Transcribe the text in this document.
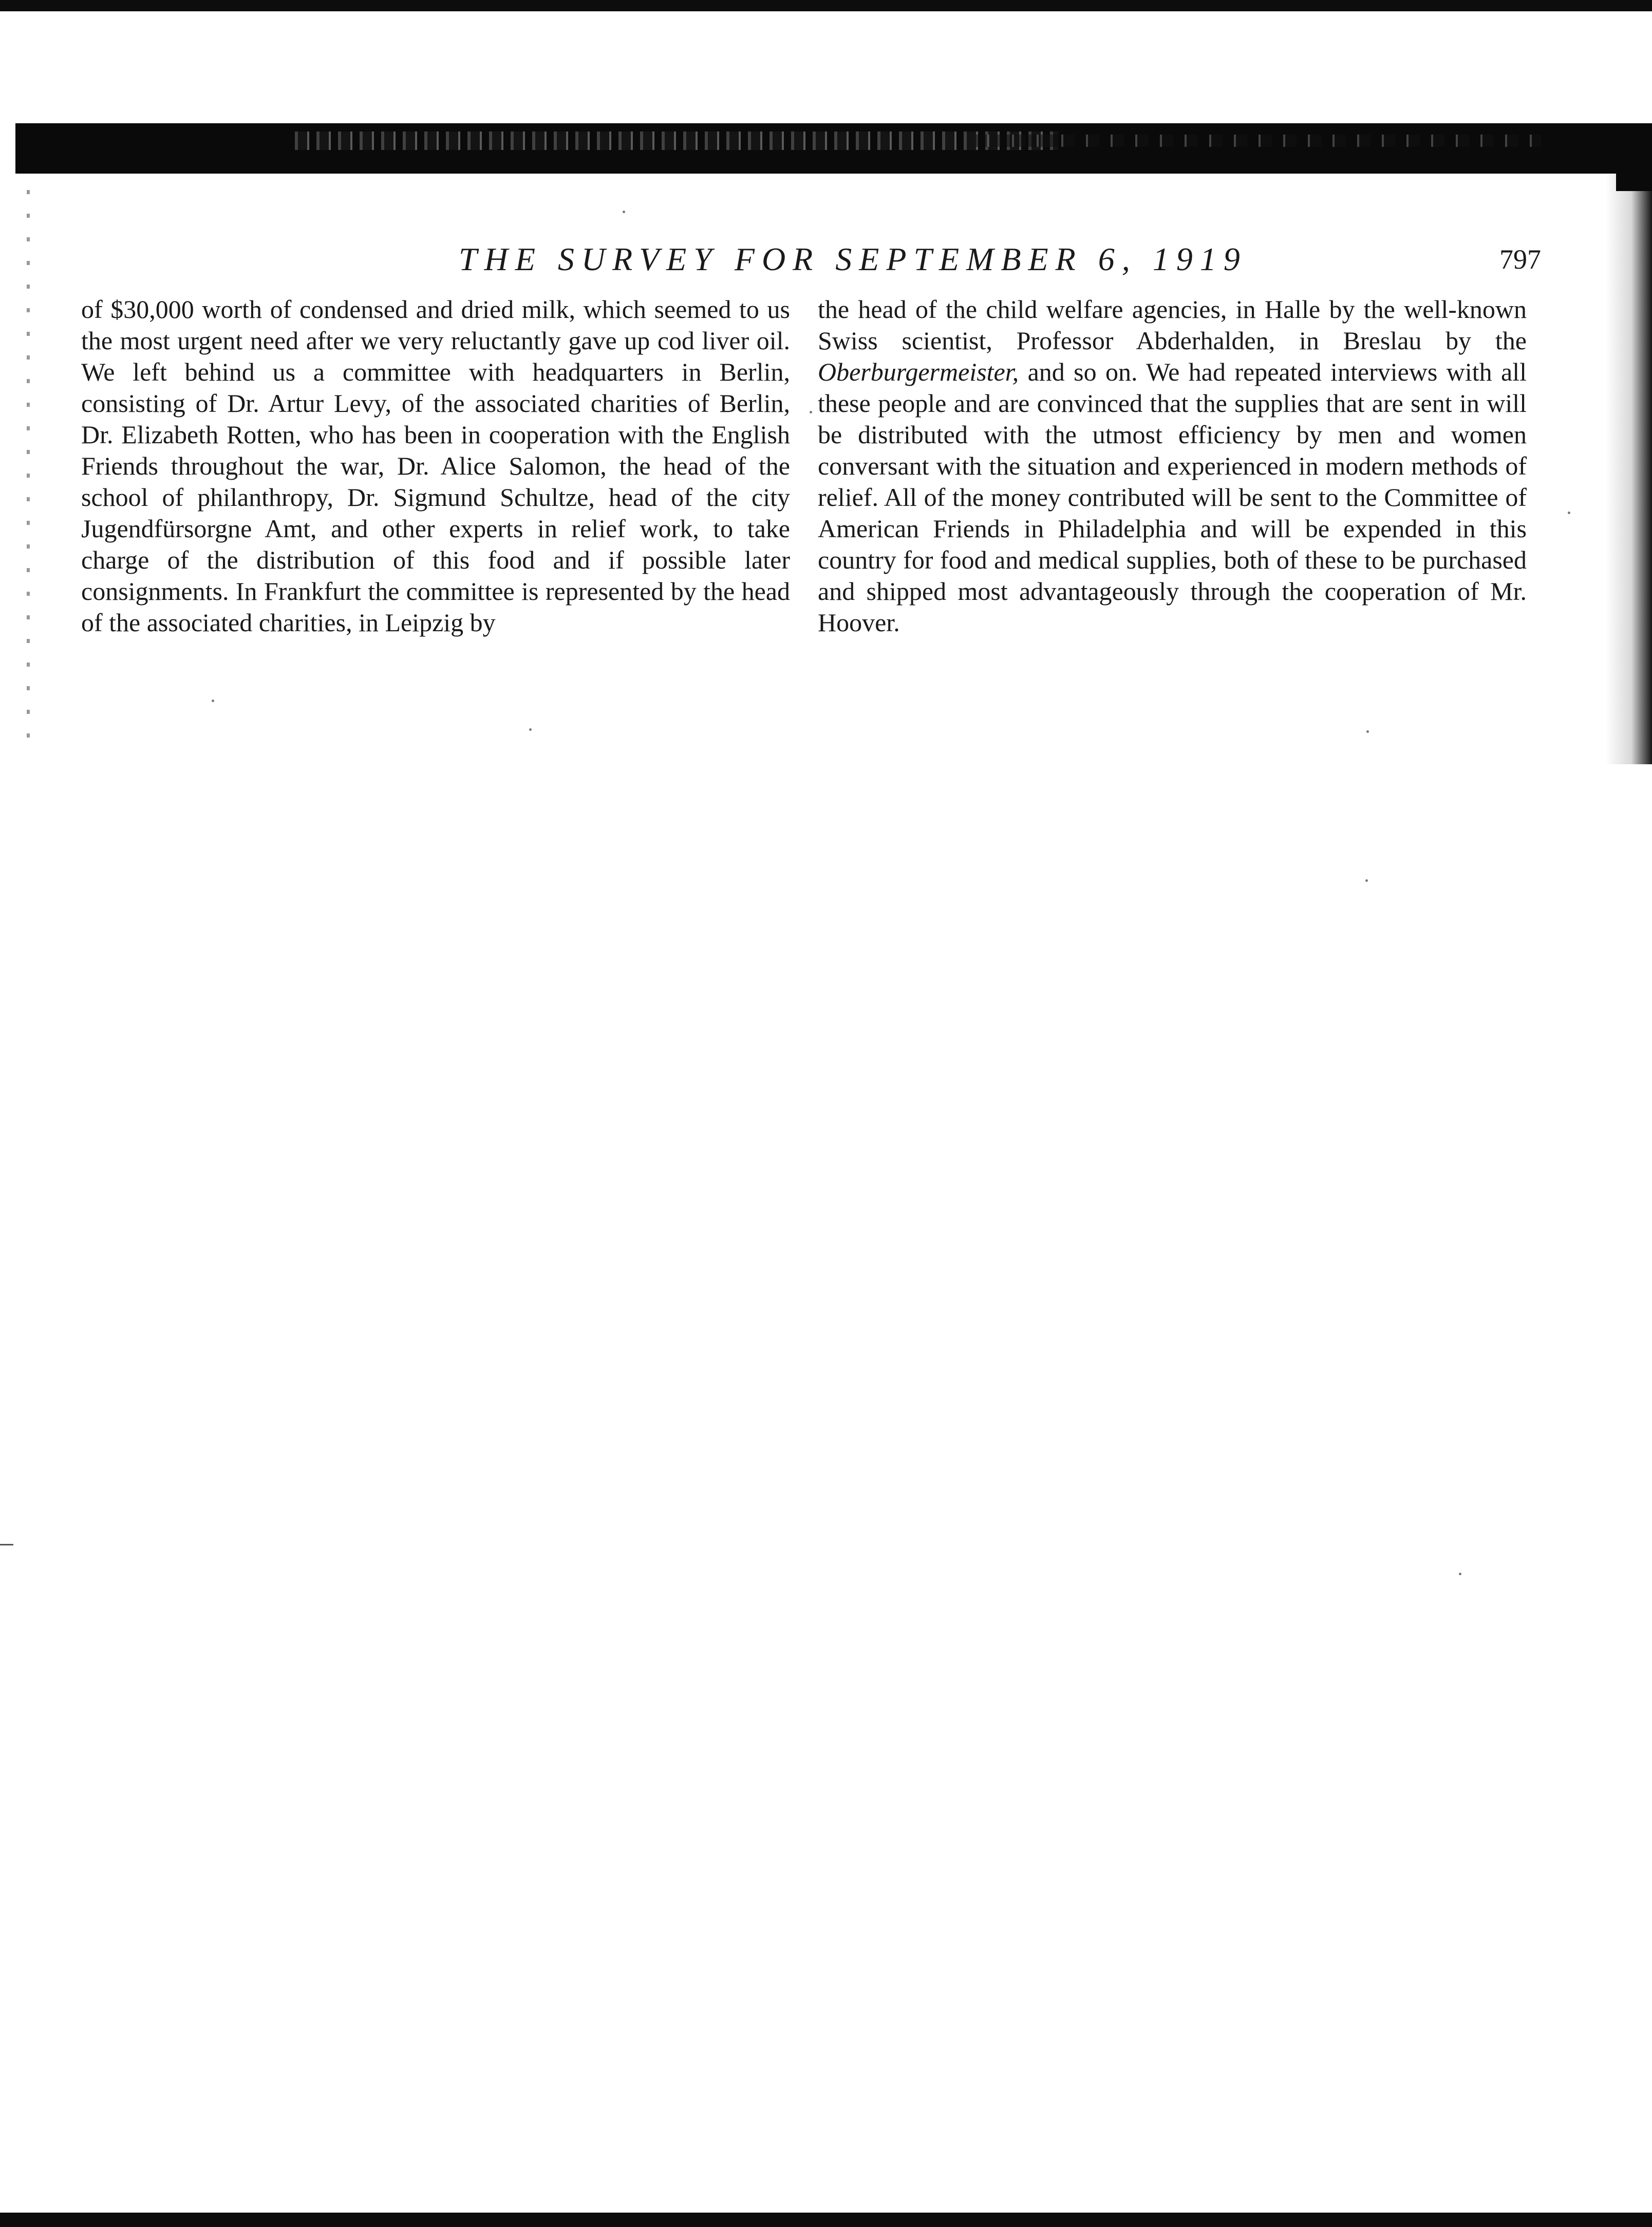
THE SURVEY FOR SEPTEMBER 6, 1919	797

of $30,000 worth of condensed and dried milk, which seemed to us the most urgent need after we very reluctantly gave up cod liver oil. We left behind us a committee with headquarters in Berlin, consisting of Dr. Artur Levy, of the associated charities of Berlin, Dr. Elizabeth Rotten, who has been in cooperation with the English Friends throughout the war, Dr. Alice Salomon, the head of the school of philanthropy, Dr. Sigmund Schultze, head of the city Jugendfürsorgne Amt, and other experts in relief work, to take charge of the distribution of this food and if possible later consignments. In Frankfurt the committee is represented by the head of the associated charities, in Leipzig by

the head of the child welfare agencies, in Halle by the well-known Swiss scientist, Professor Abderhalden, in Breslau by the Oberburgermeister, and so on. We had repeated interviews with all these people and are convinced that the supplies that are sent in will be distributed with the utmost efficiency by men and women conversant with the situation and experienced in modern methods of relief. All of the money contributed will be sent to the Committee of American Friends in Philadelphia and will be expended in this country for food and medical supplies, both of these to be purchased and shipped most advantageously through the cooperation of Mr. Hoover.
